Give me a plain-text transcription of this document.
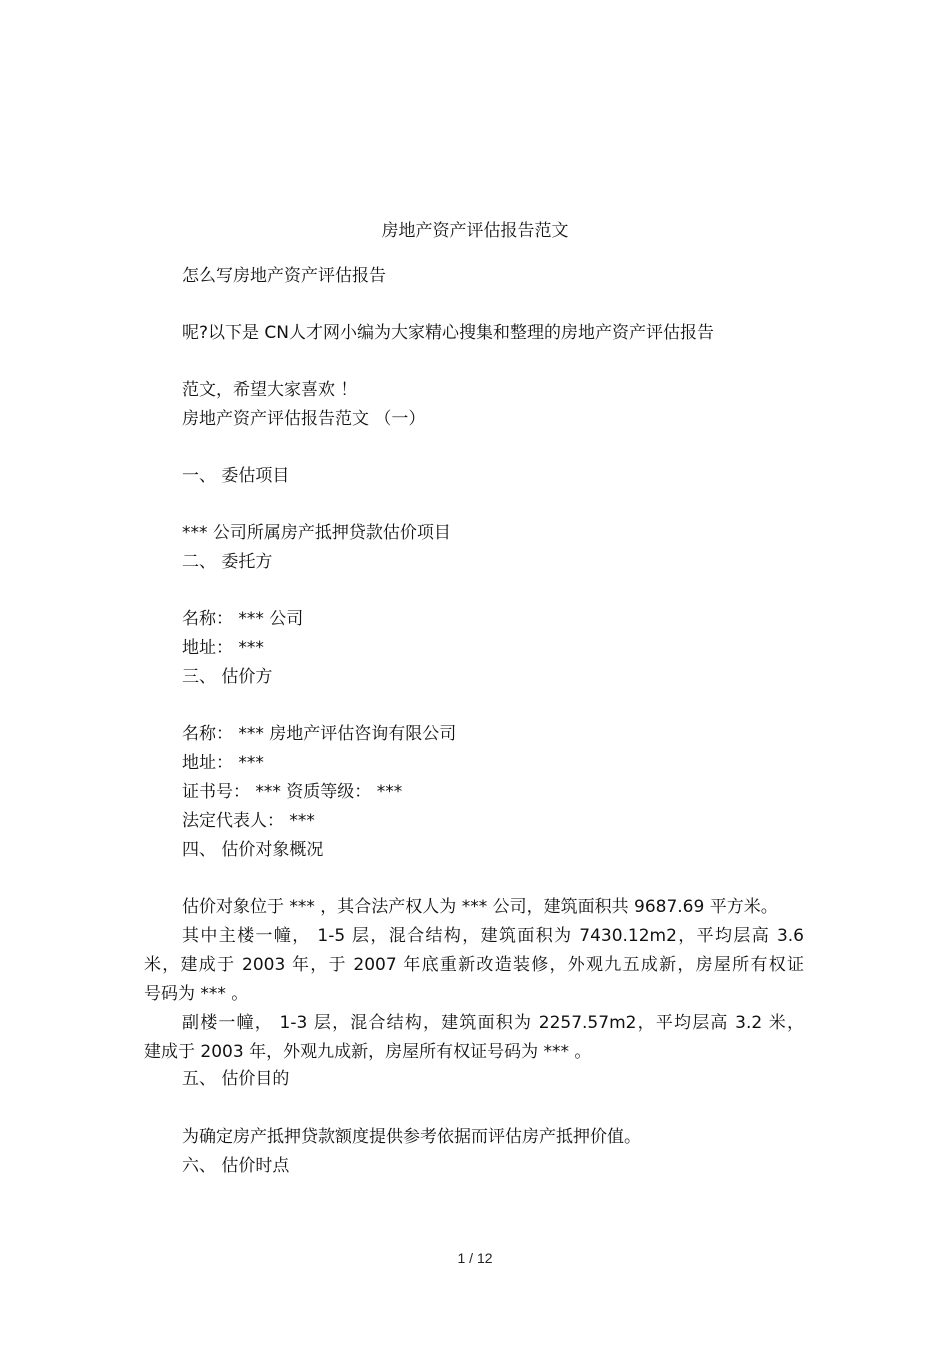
房地产资产评估报告范文
怎么写房地产资产评估报告
呢?以下是 CN人才网小编为大家精心搜集和整理的房地产资产评估报告
范文，希望大家喜欢 ！
房地产资产评估报告范文 （一）
一、 委估项目
*** 公司所属房产抵押贷款估价项目
二、 委托方
名称： *** 公司
地址： ***
三、 估价方
名称： *** 房地产评估咨询有限公司
地址： ***
证书号： *** 资质等级： ***
法定代表人： ***
四、 估价对象概况
估价对象位于 *** ，其合法产权人为 *** 公司，建筑面积共 9687.69 平方米。
其中主楼一幢， 1-5 层，混合结构，建筑面积为 7430.12m2，平均层高 3.6
米，建成于 2003 年，于 2007 年底重新改造装修，外观九五成新，房屋所有权证
号码为 *** 。
副楼一幢， 1-3 层，混合结构，建筑面积为 2257.57m2，平均层高 3.2 米，
建成于 2003 年，外观九成新，房屋所有权证号码为 *** 。
五、 估价目的
为确定房产抵押贷款额度提供参考依据而评估房产抵押价值。
六、 估价时点
1 / 12
